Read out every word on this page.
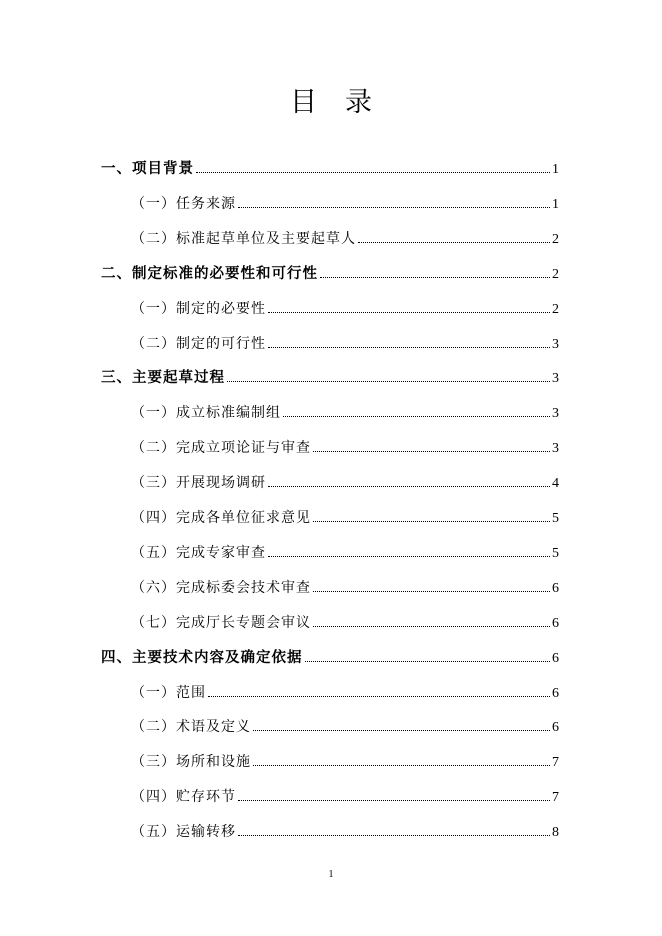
目录
一、项目背景	1
（一）任务来源	1
（二）标准起草单位及主要起草人	2
二、制定标准的必要性和可行性	2
（一）制定的必要性	2
（二）制定的可行性	3
三、主要起草过程	3
（一）成立标准编制组	3
（二）完成立项论证与审查	3
（三）开展现场调研	4
（四）完成各单位征求意见	5
（五）完成专家审查	5
（六）完成标委会技术审查	6
（七）完成厅长专题会审议	6
四、主要技术内容及确定依据	6
（一）范围	6
（二）术语及定义	6
（三）场所和设施	7
（四）贮存环节	7
（五）运输转移	8
1
